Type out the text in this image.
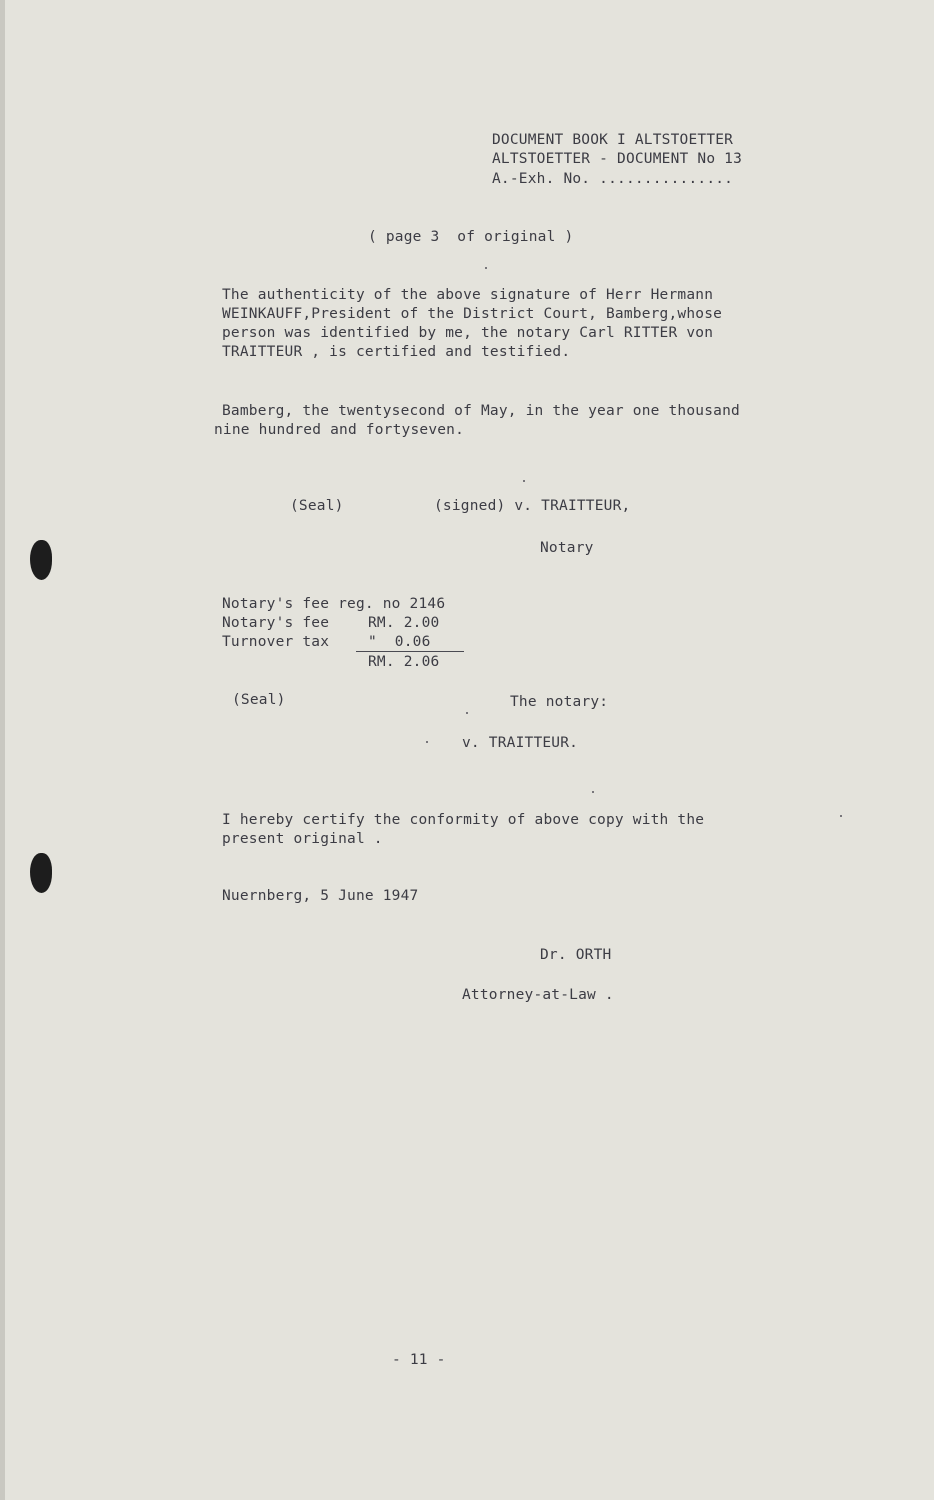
DOCUMENT BOOK I ALTSTOETTER
ALTSTOETTER - DOCUMENT No 13
A.-Exh. No. ...............
( page 3  of original )
The authenticity of the above signature of Herr Hermann
WEINKAUFF,President of the District Court, Bamberg,whose
person was identified by me, the notary Carl RITTER von
TRAITTEUR , is certified and testified.
Bamberg, the twentysecond of May, in the year one thousand
nine hundred and fortyseven.
(Seal)	(signed) v. TRAITTEUR,
Notary
Notary's fee reg. no 2146
Notary's fee	RM. 2.00
Turnover tax	"  0.06
RM. 2.06
(Seal)	The notary:
v. TRAITTEUR.
I hereby certify the conformity of above copy with the
present original .
Nuernberg, 5 June 1947
Dr. ORTH
Attorney-at-Law .
- 11 -
